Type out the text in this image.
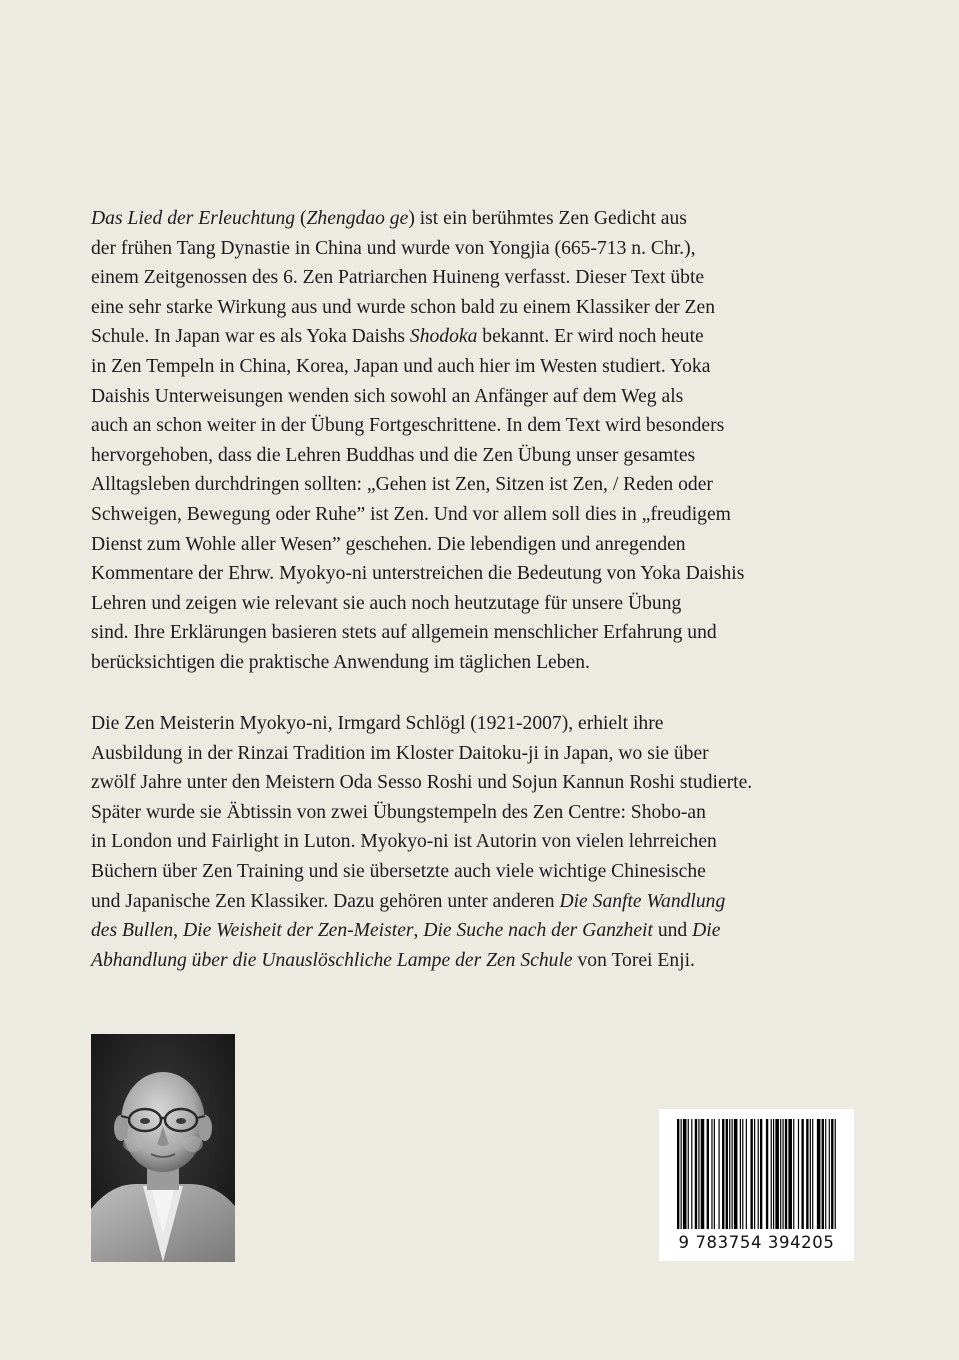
Das Lied der Erleuchtung (Zhengdao ge) ist ein berühmtes Zen Gedicht aus
der frühen Tang Dynastie in China und wurde von Yongjia (665-713 n. Chr.),
einem Zeitgenossen des 6. Zen Patriarchen Huineng verfasst. Dieser Text übte
eine sehr starke Wirkung aus und wurde schon bald zu einem Klassiker der Zen
Schule. In Japan war es als Yoka Daishs Shodoka bekannt. Er wird noch heute
in Zen Tempeln in China, Korea, Japan und auch hier im Westen studiert. Yoka
Daishis Unterweisungen wenden sich sowohl an Anfänger auf dem Weg als
auch an schon weiter in der Übung Fortgeschrittene. In dem Text wird besonders
hervorgehoben, dass die Lehren Buddhas und die Zen Übung unser gesamtes
Alltagsleben durchdringen sollten: „Gehen ist Zen, Sitzen ist Zen, / Reden oder
Schweigen, Bewegung oder Ruhe” ist Zen. Und vor allem soll dies in „freudigem
Dienst zum Wohle aller Wesen” geschehen. Die lebendigen und anregenden
Kommentare der Ehrw. Myokyo-ni unterstreichen die Bedeutung von Yoka Daishis
Lehren und zeigen wie relevant sie auch noch heutzutage für unsere Übung
sind. Ihre Erklärungen basieren stets auf allgemein menschlicher Erfahrung und
berücksichtigen die praktische Anwendung im täglichen Leben.

Die Zen Meisterin Myokyo-ni, Irmgard Schlögl (1921-2007), erhielt ihre
Ausbildung in der Rinzai Tradition im Kloster Daitoku-ji in Japan, wo sie über
zwölf Jahre unter den Meistern Oda Sesso Roshi und Sojun Kannun Roshi studierte.
Später wurde sie Äbtissin von zwei Übungstempeln des Zen Centre: Shobo-an
in London und Fairlight in Luton. Myokyo-ni ist Autorin von vielen lehrreichen
Büchern über Zen Training und sie übersetzte auch viele wichtige Chinesische
und Japanische Zen Klassiker. Dazu gehören unter anderen Die Sanfte Wandlung
des Bullen, Die Weisheit der Zen-Meister, Die Suche nach der Ganzheit und Die
Abhandlung über die Unauslöschliche Lampe der Zen Schule von Torei Enji.

9 783754 394205
